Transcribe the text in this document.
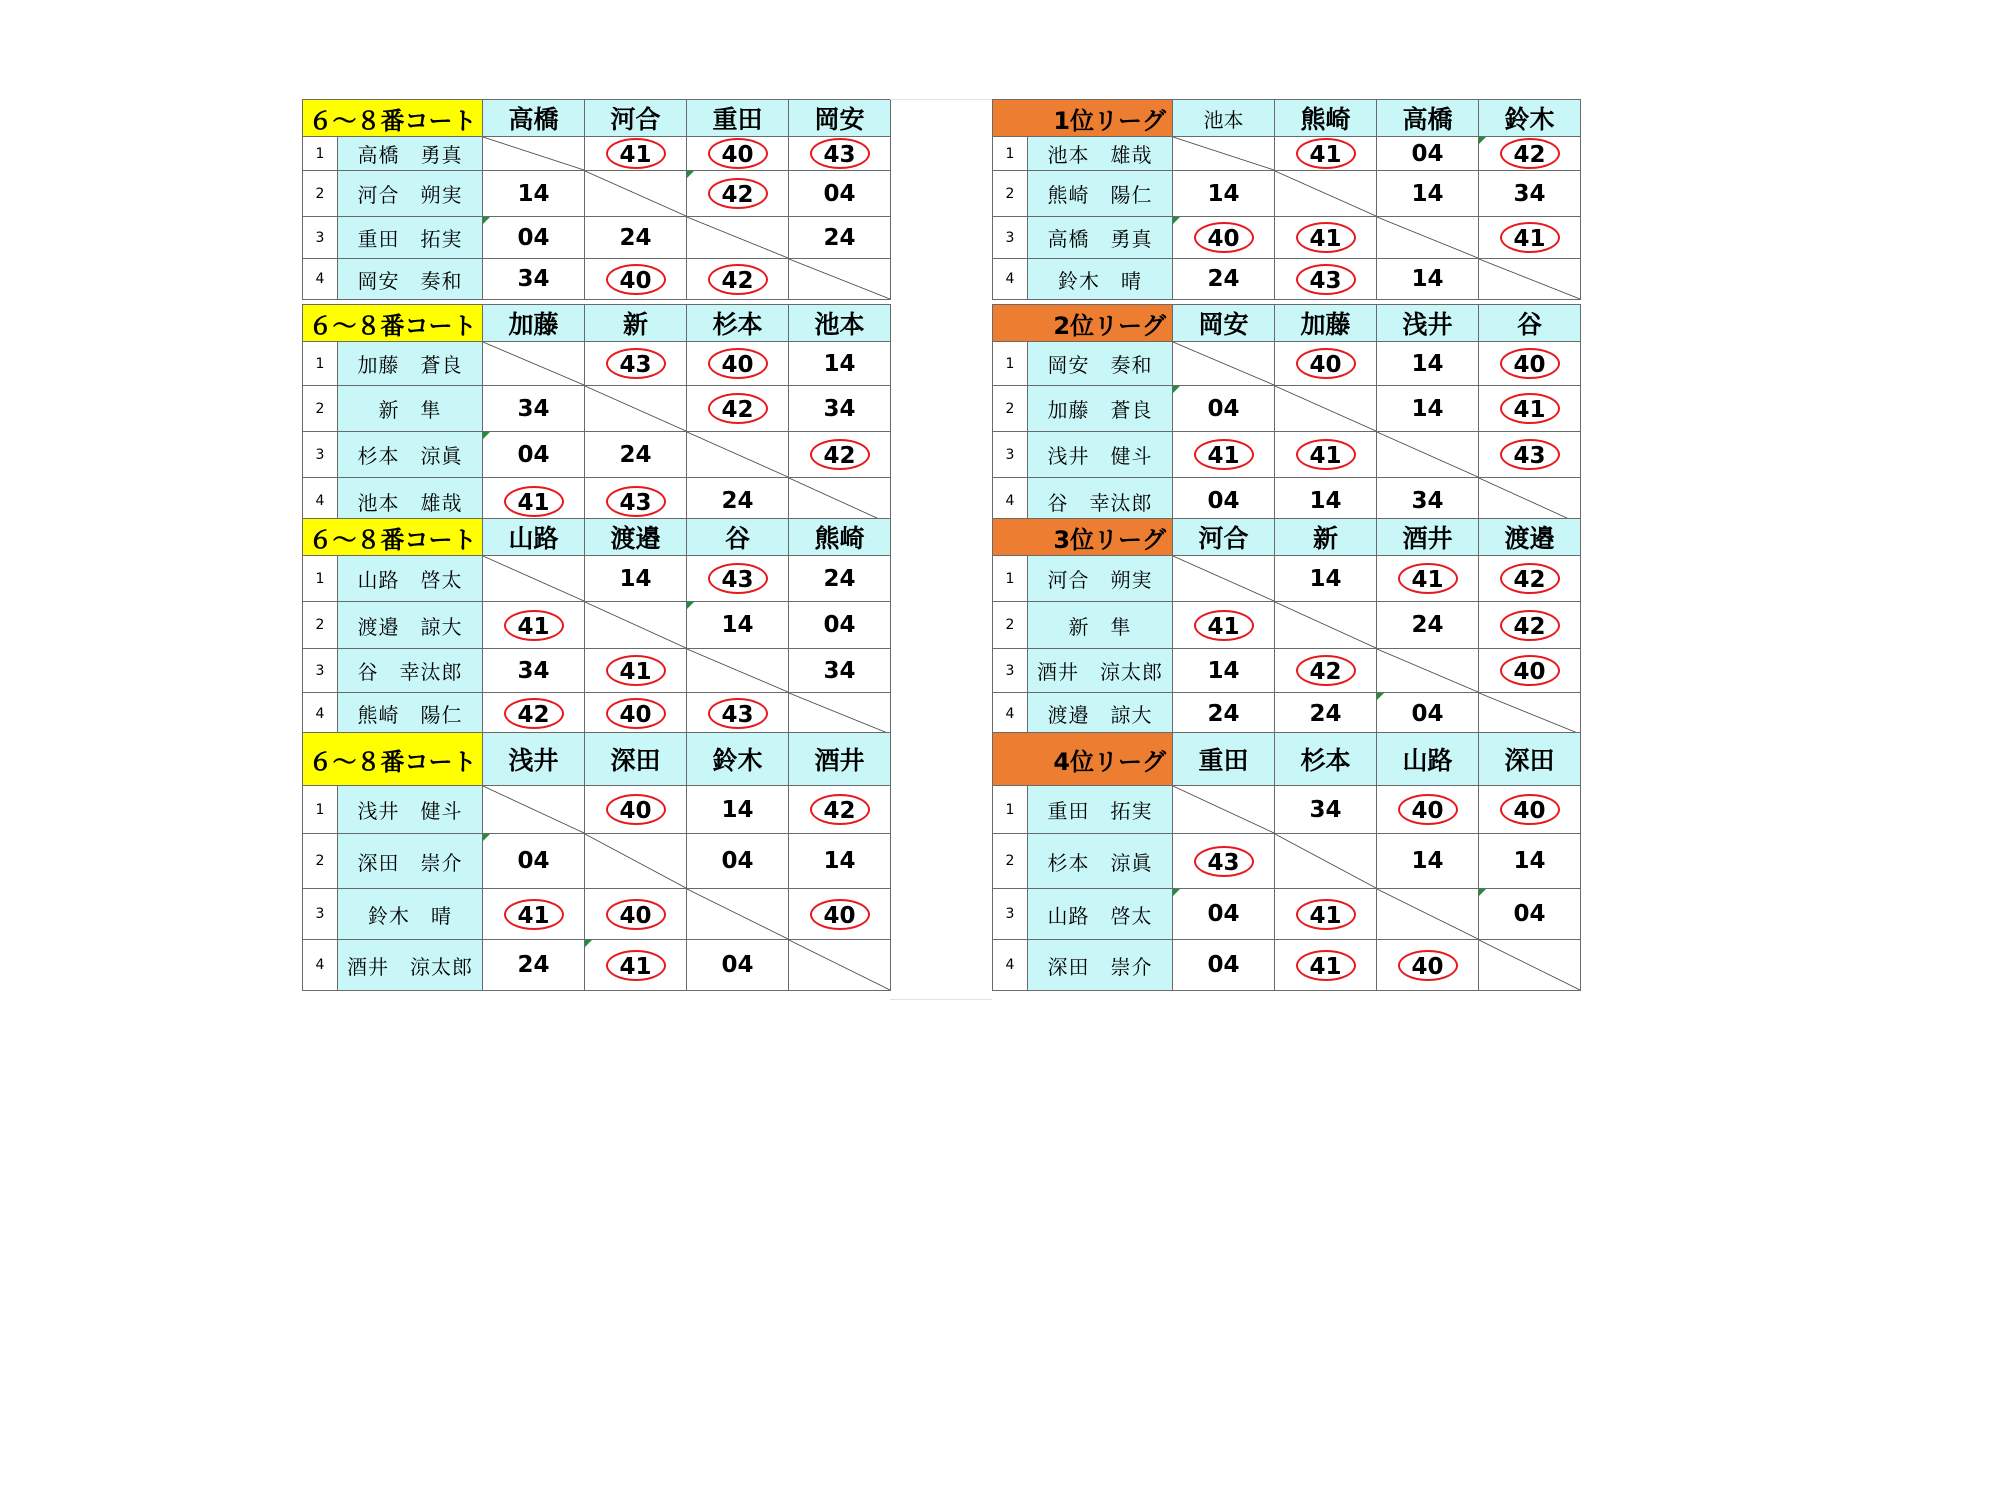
６～８番コート		高橋	河合	重田	岡安
1	高橋　勇真		41	40	43
2	河合　朔実	14		42	04
3	重田　拓実	04	24		24
4	岡安　奏和	34	40	42	
６～８番コート		加藤	新	杉本	池本
1	加藤　蒼良		43	40	14
2	新　隼	34		42	34
3	杉本　涼眞	04	24		42
4	池本　雄哉	41	43	24	
６～８番コート		山路	渡邉	谷	熊崎
1	山路　啓太		14	43	24
2	渡邉　諒大	41		14	04
3	谷　幸汰郎	34	41		34
4	熊崎　陽仁	42	40	43	
６～８番コート		浅井	深田	鈴木	酒井
1	浅井　健斗		40	14	42
2	深田　崇介	04		04	14
3	鈴木　晴	41	40		40
4	酒井　涼太郎	24	41	04	
1位リーグ		池本	熊崎	高橋	鈴木
1	池本　雄哉		41	04	42

2	熊崎　陽仁	14		14	34
3	高橋　勇真	40	41		41
4	鈴木　晴	24	43	14	
2位リーグ		岡安	加藤	浅井	谷
1	岡安　奏和		40	14	40
2	加藤　蒼良	04		14	41
3	浅井　健斗	41	41		43
4	谷　幸汰郎	04	14	34	
3位リーグ		河合	新	酒井	渡邉
1	河合　朔実		14	41	42
2	新　隼	41		24	42
3	酒井　涼太郎	14	42		40
4	渡邉　諒大	24	24	04

4位リーグ		重田	杉本	山路	深田
1	重田　拓実		34	40	40
2	杉本　涼眞	43		14	14
3	山路　啓太	04	41		04

4	深田　崇介	04	41	40	
